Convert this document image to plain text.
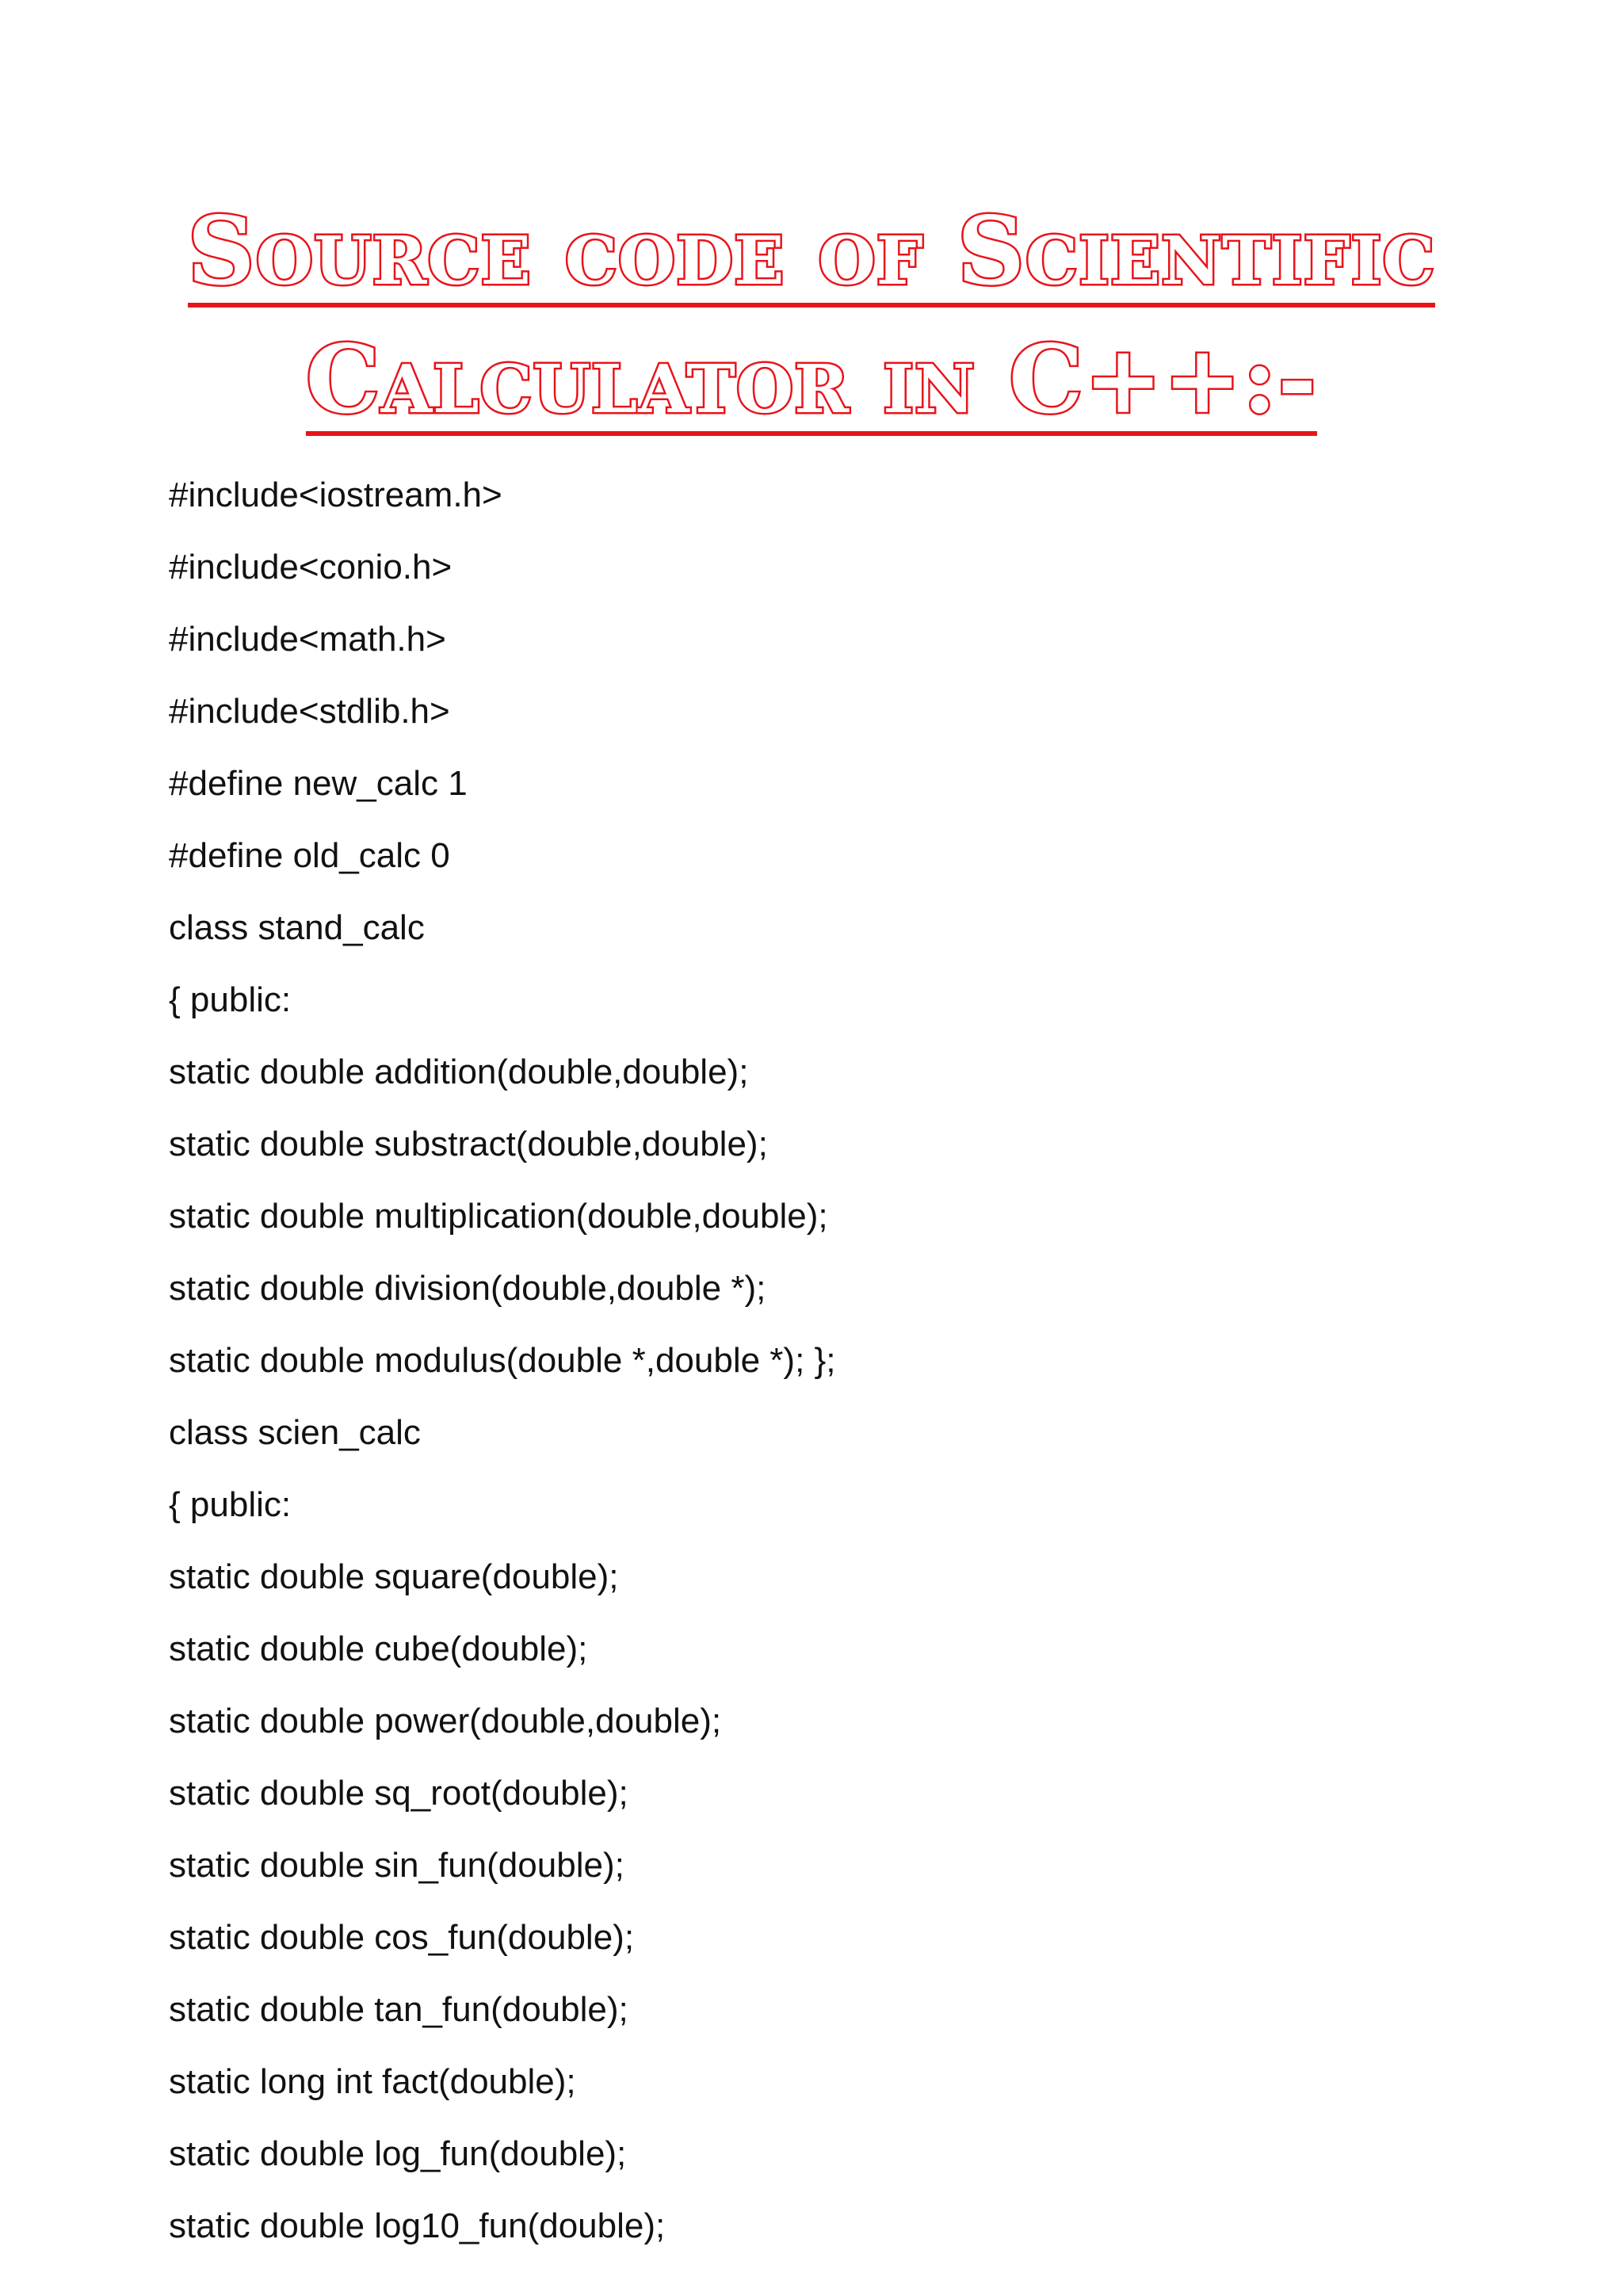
Source code of Scientific
Calculator in C++:-
#include<iostream.h>
#include<conio.h>
#include<math.h>
#include<stdlib.h>
#define new_calc 1
#define old_calc 0
class stand_calc
{ public:
static double addition(double,double);
static double substract(double,double);
static double multiplication(double,double);
static double division(double,double *);
static double modulus(double *,double *); };
class scien_calc
{ public:
static double square(double);
static double cube(double);
static double power(double,double);
static double sq_root(double);
static double sin_fun(double);
static double cos_fun(double);
static double tan_fun(double);
static long int fact(double);
static double log_fun(double);
static double log10_fun(double);
